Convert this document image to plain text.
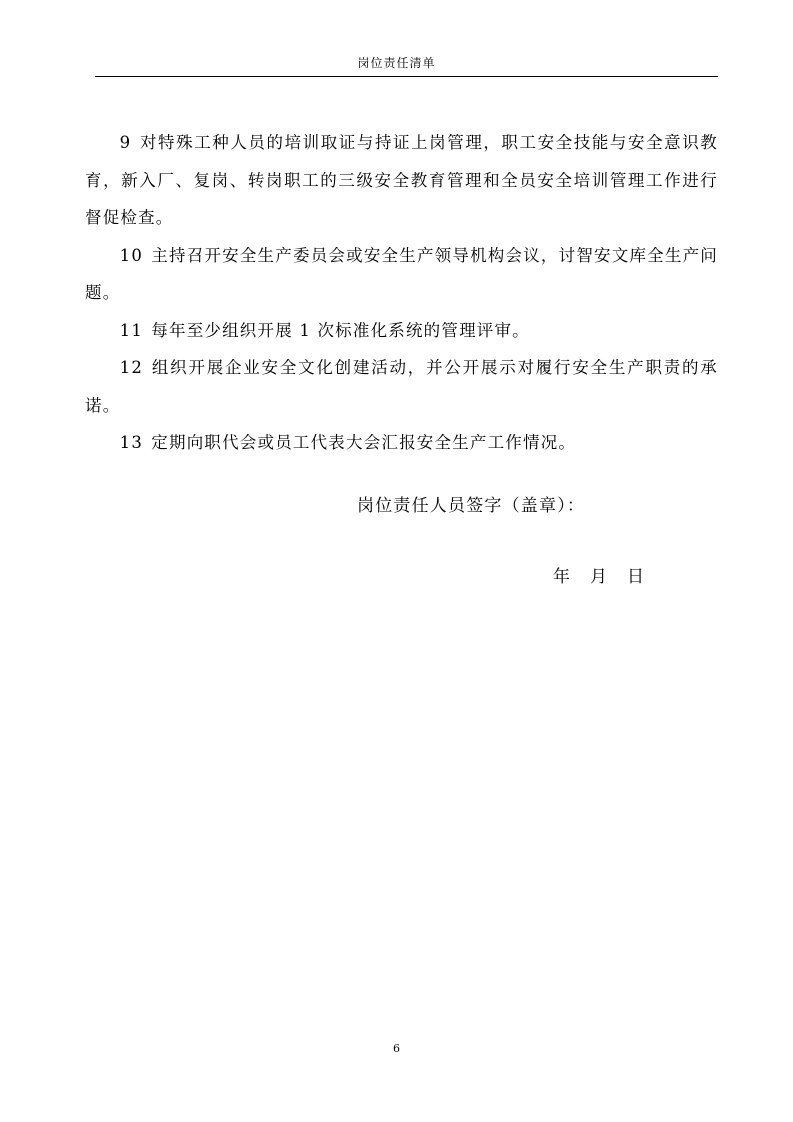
岗位责任清单

9 对特殊工种人员的培训取证与持证上岗管理，职工安全技能与安全意识教育，新入厂、复岗、转岗职工的三级安全教育管理和全员安全培训管理工作进行督促检查。

10 主持召开安全生产委员会或安全生产领导机构会议，讨智安文库全生产问题。

11 每年至少组织开展 1 次标准化系统的管理评审。

12 组织开展企业安全文化创建活动，并公开展示对履行安全生产职责的承诺。

13 定期向职代会或员工代表大会汇报安全生产工作情况。

岗位责任人员签字（盖章）：
年 月 日
6
